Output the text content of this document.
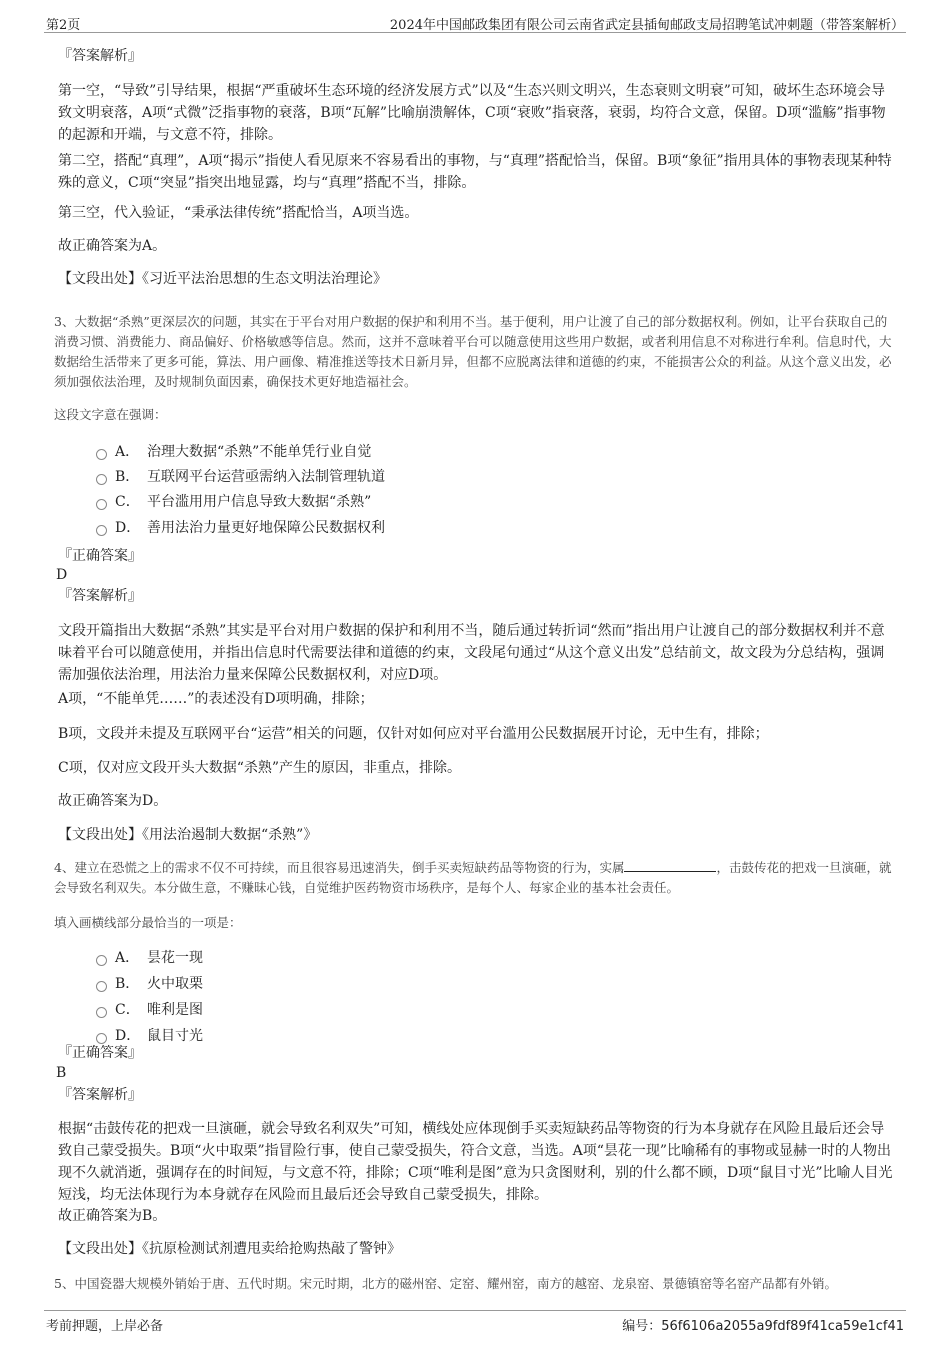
第2页	2024年中国邮政集团有限公司云南省武定县插甸邮政支局招聘笔试冲刺题（带答案解析）
『答案解析』

第一空，“导致”引导结果，根据“严重破坏生态环境的经济发展方式”以及“生态兴则文明兴，生态衰则文明衰”可知，破坏生态环境会导致文明衰落，A项“式微”泛指事物的衰落，B项“瓦解”比喻崩溃解体，C项“衰败”指衰落，衰弱，均符合文意，保留。D项“滥觞”指事物的起源和开端，与文意不符，排除。

第二空，搭配“真理”，A项“揭示”指使人看见原来不容易看出的事物，与“真理”搭配恰当，保留。B项“象征”指用具体的事物表现某种特殊的意义，C项“突显”指突出地显露，均与“真理”搭配不当，排除。

第三空，代入验证，“秉承法律传统”搭配恰当，A项当选。

故正确答案为A。

【文段出处】《习近平法治思想的生态文明法治理论》

3、大数据“杀熟”更深层次的问题，其实在于平台对用户数据的保护和利用不当。基于便利，用户让渡了自己的部分数据权利。例如，让平台获取自己的消费习惯、消费能力、商品偏好、价格敏感等信息。然而，这并不意味着平台可以随意使用这些用户数据，或者利用信息不对称进行牟利。信息时代，大数据给生活带来了更多可能，算法、用户画像、精准推送等技术日新月异，但都不应脱离法律和道德的约束，不能损害公众的利益。从这个意义出发，必须加强依法治理，及时规制负面因素，确保技术更好地造福社会。

这段文字意在强调：

A． 治理大数据“杀熟”不能单凭行业自觉
B． 互联网平台运营亟需纳入法制管理轨道
C． 平台滥用用户信息导致大数据“杀熟”
D． 善用法治力量更好地保障公民数据权利
『正确答案』
D
『答案解析』

文段开篇指出大数据“杀熟”其实是平台对用户数据的保护和利用不当，随后通过转折词“然而”指出用户让渡自己的部分数据权利并不意味着平台可以随意使用，并指出信息时代需要法律和道德的约束，文段尾句通过“从这个意义出发”总结前文，故文段为分总结构，强调需加强依法治理，用法治力量来保障公民数据权利，对应D项。

A项，“不能单凭……”的表述没有D项明确，排除；

B项，文段并未提及互联网平台“运营”相关的问题，仅针对如何应对平台滥用公民数据展开讨论，无中生有，排除；

C项，仅对应文段开头大数据“杀熟”产生的原因，非重点，排除。

故正确答案为D。

【文段出处】《用法治遏制大数据“杀熟”》

4、建立在恐慌之上的需求不仅不可持续，而且很容易迅速消失，倒手买卖短缺药品等物资的行为，实属	，击鼓传花的把戏一旦演砸，就会导致名利双失。本分做生意，不赚昧心钱，自觉维护医药物资市场秩序，是每个人、每家企业的基本社会责任。

填入画横线部分最恰当的一项是：

A． 昙花一现
B． 火中取栗
C． 唯利是图
D． 鼠目寸光
『正确答案』
B
『答案解析』

根据“击鼓传花的把戏一旦演砸，就会导致名利双失”可知，横线处应体现倒手买卖短缺药品等物资的行为本身就存在风险且最后还会导致自己蒙受损失。B项“火中取栗”指冒险行事，使自己蒙受损失，符合文意，当选。A项“昙花一现”比喻稀有的事物或显赫一时的人物出现不久就消逝，强调存在的时间短，与文意不符，排除；C项“唯利是图”意为只贪图财利，别的什么都不顾，D项“鼠目寸光”比喻人目光短浅，均无法体现行为本身就存在风险而且最后还会导致自己蒙受损失，排除。

故正确答案为B。

【文段出处】《抗原检测试剂遭甩卖给抢购热敲了警钟》

5、中国瓷器大规模外销始于唐、五代时期。宋元时期，北方的磁州窑、定窑、耀州窑，南方的越窑、龙泉窑、景德镇窑等名窑产品都有外销。

考前押题，上岸必备	编号：56f6106a2055a9fdf89f41ca59e1cf41
